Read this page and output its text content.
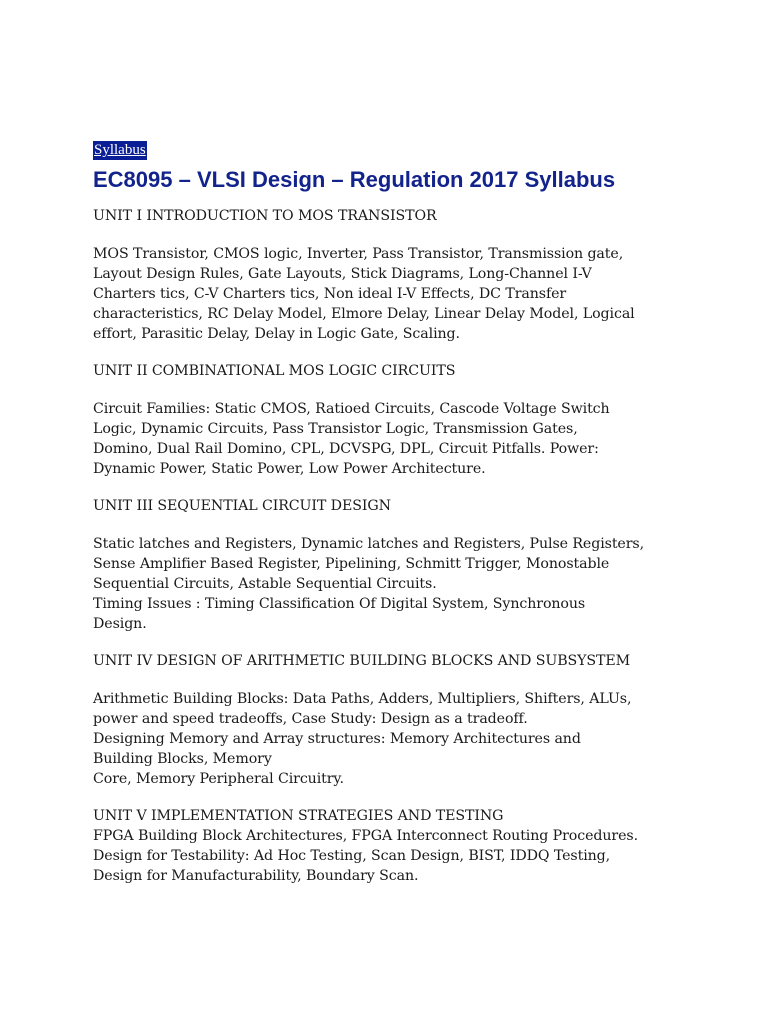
Syllabus
EC8095 – VLSI Design – Regulation 2017 Syllabus
UNIT I INTRODUCTION TO MOS TRANSISTOR
MOS Transistor, CMOS logic, Inverter, Pass Transistor, Transmission gate,
Layout Design Rules, Gate Layouts, Stick Diagrams, Long-Channel I-V
Charters tics, C-V Charters tics, Non ideal I-V Effects, DC Transfer
characteristics, RC Delay Model, Elmore Delay, Linear Delay Model, Logical
effort, Parasitic Delay, Delay in Logic Gate, Scaling.
UNIT II COMBINATIONAL MOS LOGIC CIRCUITS
Circuit Families: Static CMOS, Ratioed Circuits, Cascode Voltage Switch
Logic, Dynamic Circuits, Pass Transistor Logic, Transmission Gates,
Domino, Dual Rail Domino, CPL, DCVSPG, DPL, Circuit Pitfalls. Power:
Dynamic Power, Static Power, Low Power Architecture.
UNIT III SEQUENTIAL CIRCUIT DESIGN
Static latches and Registers, Dynamic latches and Registers, Pulse Registers,
Sense Amplifier Based Register, Pipelining, Schmitt Trigger, Monostable
Sequential Circuits, Astable Sequential Circuits.
Timing Issues : Timing Classification Of Digital System, Synchronous
Design.
UNIT IV DESIGN OF ARITHMETIC BUILDING BLOCKS AND SUBSYSTEM
Arithmetic Building Blocks: Data Paths, Adders, Multipliers, Shifters, ALUs,
power and speed tradeoffs, Case Study: Design as a tradeoff.
Designing Memory and Array structures: Memory Architectures and
Building Blocks, Memory
Core, Memory Peripheral Circuitry.
UNIT V IMPLEMENTATION STRATEGIES AND TESTING
FPGA Building Block Architectures, FPGA Interconnect Routing Procedures.
Design for Testability: Ad Hoc Testing, Scan Design, BIST, IDDQ Testing,
Design for Manufacturability, Boundary Scan.
